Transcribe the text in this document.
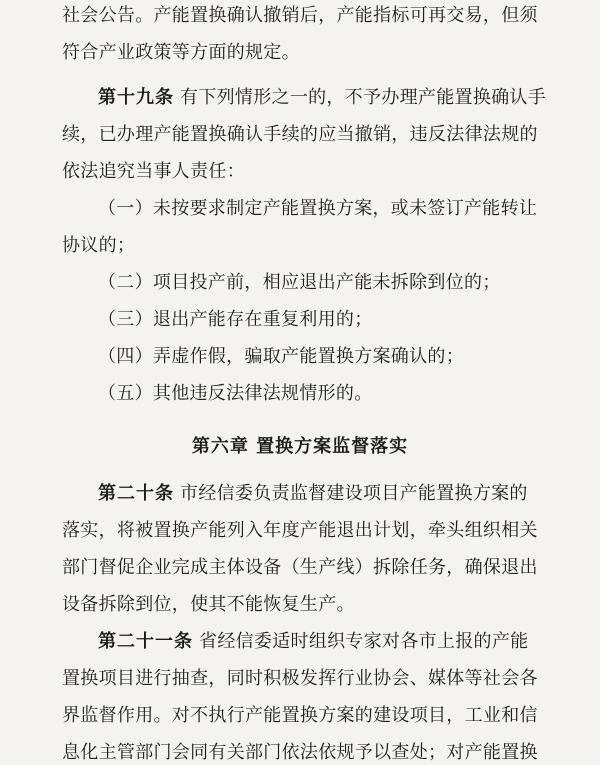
社会公告。产能置换确认撤销后，产能指标可再交易，但须
符合产业政策等方面的规定。
第十九条 有下列情形之一的，不予办理产能置换确认手
续，已办理产能置换确认手续的应当撤销，违反法律法规的
依法追究当事人责任：
（一）未按要求制定产能置换方案，或未签订产能转让
协议的；
（二）项目投产前，相应退出产能未拆除到位的；
（三）退出产能存在重复利用的；
（四）弄虚作假，骗取产能置换方案确认的；
（五）其他违反法律法规情形的。
第六章 置换方案监督落实
第二十条 市经信委负责监督建设项目产能置换方案的
落实，将被置换产能列入年度产能退出计划，牵头组织相关
部门督促企业完成主体设备（生产线）拆除任务，确保退出
设备拆除到位，使其不能恢复生产。
第二十一条 省经信委适时组织专家对各市上报的产能
置换项目进行抽查，同时积极发挥行业协会、媒体等社会各
界监督作用。对不执行产能置换方案的建设项目，工业和信
息化主管部门会同有关部门依法依规予以查处；对产能置换
